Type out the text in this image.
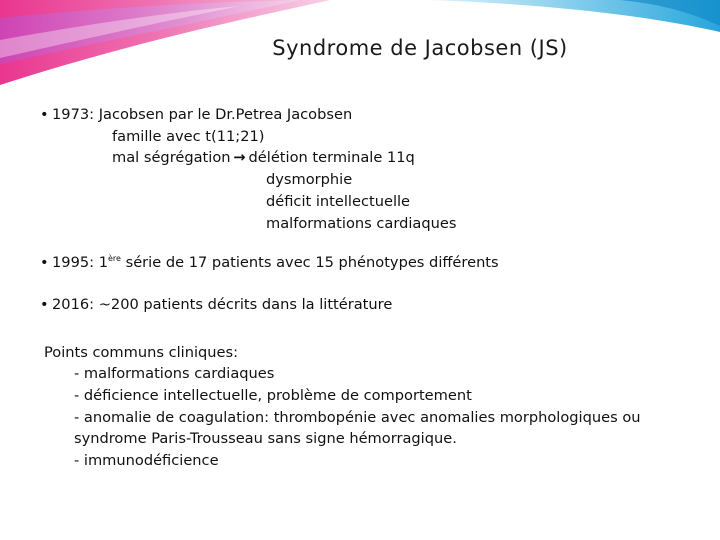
Syndrome de Jacobsen (JS)
• 1973: Jacobsen par le Dr.Petrea Jacobsen
famille avec t(11;21)
mal ségrégation → délétion terminale 11q
dysmorphie
déficit intellectuelle
malformations cardiaques
• 1995: 1ère série de 17 patients avec 15 phénotypes différents
• 2016: ~200 patients décrits dans la littérature
Points communs cliniques:
- malformations cardiaques
- déficience intellectuelle, problème de comportement
- anomalie de coagulation: thrombopénie avec anomalies morphologiques ou
syndrome Paris-Trousseau sans signe hémorragique.
- immunodéficience
